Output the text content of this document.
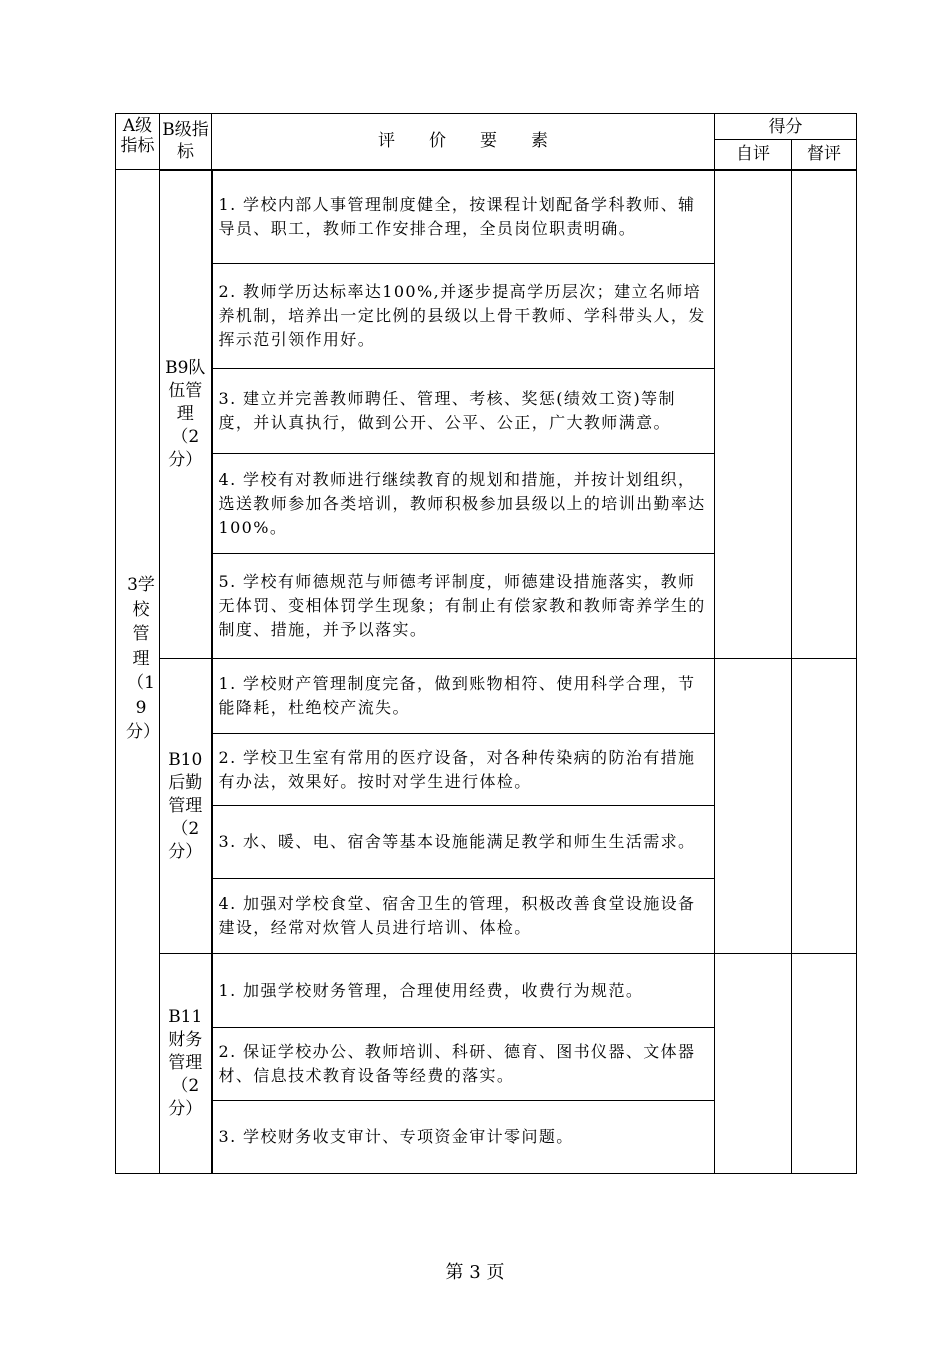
A级指标	B级指标	评　　价　　要　　素	得分	
			自评	督评

3学校管理（19分）	B9队伍管理（2分）	1. 学校内部人事管理制度健全，按课程计划配备学科教师、辅导员、职工，教师工作安排合理，全员岗位职责明确。		
		2. 教师学历达标率达100%,并逐步提高学历层次；建立名师培养机制，培养出一定比例的县级以上骨干教师、学科带头人，发挥示范引领作用好。		
		3. 建立并完善教师聘任、管理、考核、奖惩(绩效工资)等制度，并认真执行，做到公开、公平、公正，广大教师满意。		
		4. 学校有对教师进行继续教育的规划和措施，并按计划组织，选送教师参加各类培训，教师积极参加县级以上的培训出勤率达100%。		
		5. 学校有师德规范与师德考评制度，师德建设措施落实，教师无体罚、变相体罚学生现象；有制止有偿家教和教师寄养学生的制度、措施，并予以落实。		
	B10后勤管理（2分）	1. 学校财产管理制度完备，做到账物相符、使用科学合理，节能降耗，杜绝校产流失。		
		2. 学校卫生室有常用的医疗设备，对各种传染病的防治有措施有办法，效果好。按时对学生进行体检。		
		3. 水、暖、电、宿舍等基本设施能满足教学和师生生活需求。		
		4. 加强对学校食堂、宿舍卫生的管理，积极改善食堂设施设备建设，经常对炊管人员进行培训、体检。		
	B11财务管理（2分）	1. 加强学校财务管理，合理使用经费，收费行为规范。		
		2. 保证学校办公、教师培训、科研、德育、图书仪器、文体器材、信息技术教育设备等经费的落实。		
		3. 学校财务收支审计、专项资金审计零问题。		
第 3 页
